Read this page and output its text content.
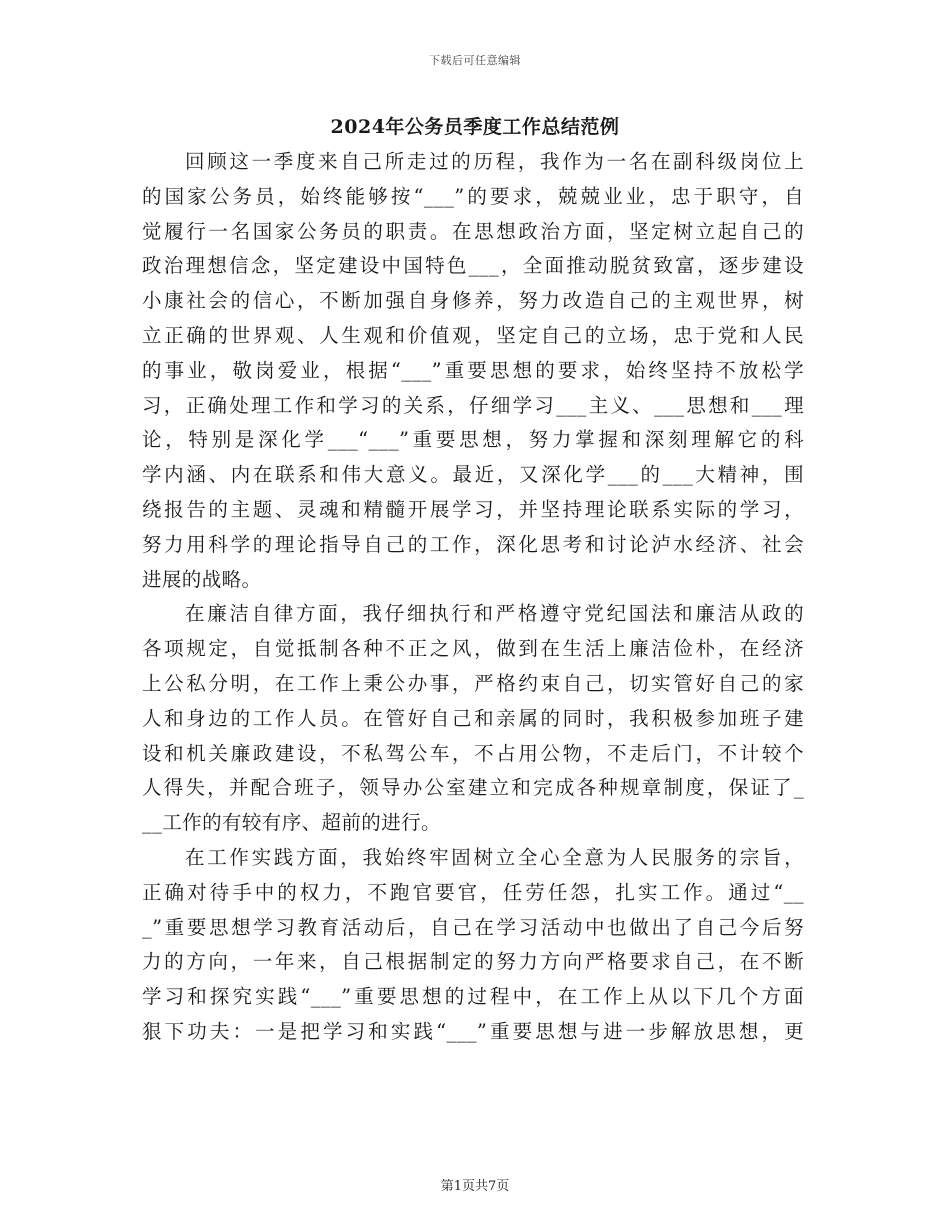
下载后可任意编辑
2024年公务员季度工作总结范例
回顾这一季度来自己所走过的历程，我作为一名在副科级岗位上
的国家公务员，始终能够按“___”的要求，兢兢业业，忠于职守，自
觉履行一名国家公务员的职责。在思想政治方面，坚定树立起自己的
政治理想信念，坚定建设中国特色___，全面推动脱贫致富，逐步建设
小康社会的信心，不断加强自身修养，努力改造自己的主观世界，树
立正确的世界观、人生观和价值观，坚定自己的立场，忠于党和人民
的事业，敬岗爱业，根据“___”重要思想的要求，始终坚持不放松学
习，正确处理工作和学习的关系，仔细学习___主义、___思想和___理
论，特别是深化学___“___”重要思想，努力掌握和深刻理解它的科
学内涵、内在联系和伟大意义。最近，又深化学___的___大精神，围
绕报告的主题、灵魂和精髓开展学习，并坚持理论联系实际的学习，
努力用科学的理论指导自己的工作，深化思考和讨论泸水经济、社会
进展的战略。
在廉洁自律方面，我仔细执行和严格遵守党纪国法和廉洁从政的
各项规定，自觉抵制各种不正之风，做到在生活上廉洁俭朴，在经济
上公私分明，在工作上秉公办事，严格约束自己，切实管好自己的家
人和身边的工作人员。在管好自己和亲属的同时，我积极参加班子建
设和机关廉政建设，不私驾公车，不占用公物，不走后门，不计较个
人得失，并配合班子，领导办公室建立和完成各种规章制度，保证了_
__工作的有较有序、超前的进行。
在工作实践方面，我始终牢固树立全心全意为人民服务的宗旨，
正确对待手中的权力，不跑官要官，任劳任怨，扎实工作。通过“__
_”重要思想学习教育活动后，自己在学习活动中也做出了自己今后努
力的方向，一年来，自己根据制定的努力方向严格要求自己，在不断
学习和探究实践“___”重要思想的过程中，在工作上从以下几个方面
狠下功夫：一是把学习和实践“___”重要思想与进一步解放思想，更
第1页共7页
